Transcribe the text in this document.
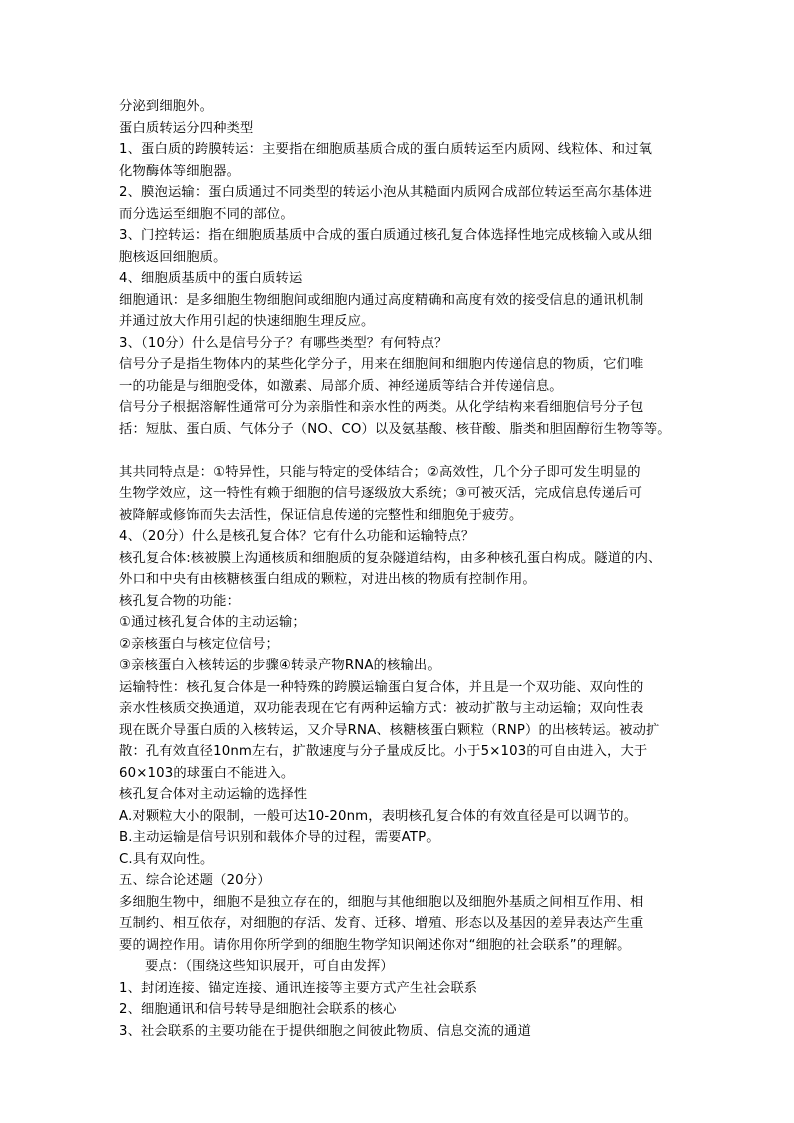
分泌到细胞外。
蛋白质转运分四种类型
1、蛋白质的跨膜转运：主要指在细胞质基质合成的蛋白质转运至内质网、线粒体、和过氧
化物酶体等细胞器。
2、膜泡运输：蛋白质通过不同类型的转运小泡从其糙面内质网合成部位转运至高尔基体进
而分选运至细胞不同的部位。
3、门控转运：指在细胞质基质中合成的蛋白质通过核孔复合体选择性地完成核输入或从细
胞核返回细胞质。
4、细胞质基质中的蛋白质转运
细胞通讯：是多细胞生物细胞间或细胞内通过高度精确和高度有效的接受信息的通讯机制
并通过放大作用引起的快速细胞生理反应。
3、（10分）什么是信号分子？有哪些类型？有何特点？
信号分子是指生物体内的某些化学分子，用来在细胞间和细胞内传递信息的物质，它们唯
一的功能是与细胞受体，如激素、局部介质、神经递质等结合并传递信息。
信号分子根据溶解性通常可分为亲脂性和亲水性的两类。从化学结构来看细胞信号分子包
括：短肽、蛋白质、气体分子（NO、CO）以及氨基酸、核苷酸、脂类和胆固醇衍生物等等。
其共同特点是：①特异性，只能与特定的受体结合；②高效性，几个分子即可发生明显的
生物学效应，这一特性有赖于细胞的信号逐级放大系统；③可被灭活，完成信息传递后可
被降解或修饰而失去活性，保证信息传递的完整性和细胞免于疲劳。
4、（20分）什么是核孔复合体？它有什么功能和运输特点？
核孔复合体:核被膜上沟通核质和细胞质的复杂隧道结构，由多种核孔蛋白构成。隧道的内、
外口和中央有由核糖核蛋白组成的颗粒，对进出核的物质有控制作用。
核孔复合物的功能：
①通过核孔复合体的主动运输；
②亲核蛋白与核定位信号；
③亲核蛋白入核转运的步骤④转录产物RNA的核输出。
运输特性：核孔复合体是一种特殊的跨膜运输蛋白复合体，并且是一个双功能、双向性的
亲水性核质交换通道，双功能表现在它有两种运输方式：被动扩散与主动运输；双向性表
现在既介导蛋白质的入核转运，又介导RNA、核糖核蛋白颗粒（RNP）的出核转运。被动扩
散：孔有效直径10nm左右，扩散速度与分子量成反比。小于5×103的可自由进入，大于
60×103的球蛋白不能进入。
核孔复合体对主动运输的选择性
A.对颗粒大小的限制，一般可达10-20nm，表明核孔复合体的有效直径是可以调节的。
B.主动运输是信号识别和载体介导的过程，需要ATP。
C.具有双向性。
五、综合论述题（20分）
多细胞生物中，细胞不是独立存在的，细胞与其他细胞以及细胞外基质之间相互作用、相
互制约、相互依存，对细胞的存活、发育、迁移、增殖、形态以及基因的差异表达产生重
要的调控作用。请你用你所学到的细胞生物学知识阐述你对“细胞的社会联系”的理解。
要点：（围绕这些知识展开，可自由发挥）
1、封闭连接、锚定连接、通讯连接等主要方式产生社会联系
2、细胞通讯和信号转导是细胞社会联系的核心
3、社会联系的主要功能在于提供细胞之间彼此物质、信息交流的通道
